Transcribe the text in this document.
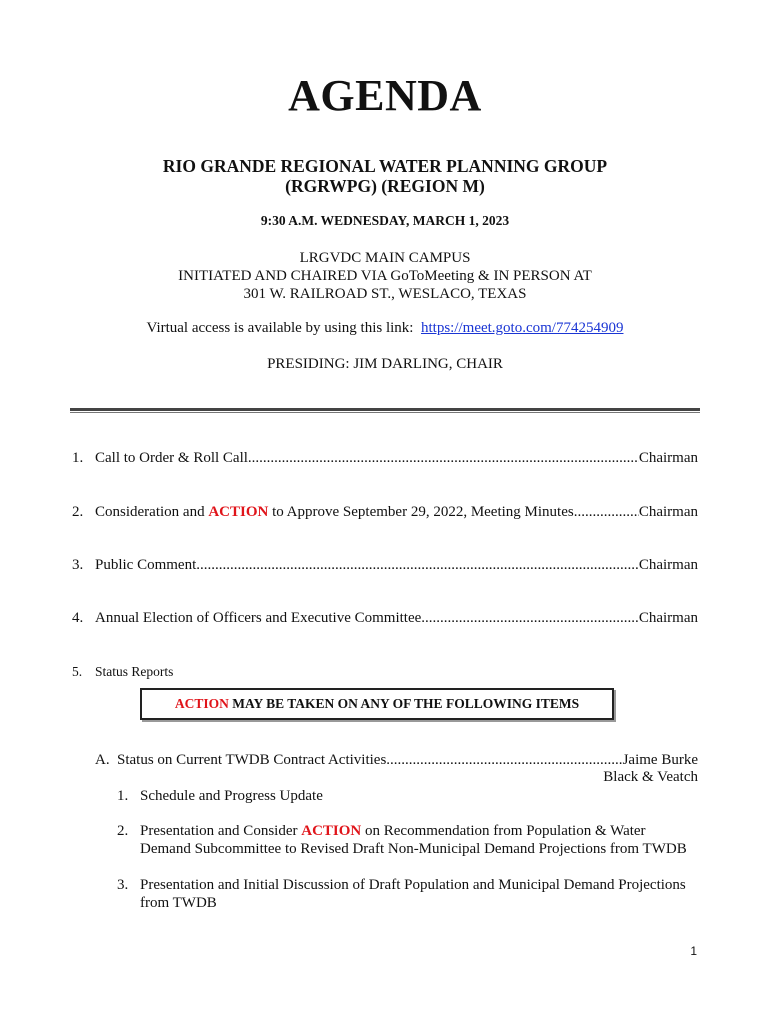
AGENDA
RIO GRANDE REGIONAL WATER PLANNING GROUP
(RGRWPG) (REGION M)
9:30 A.M. WEDNESDAY, MARCH 1, 2023
LRGVDC MAIN CAMPUS
INITIATED AND CHAIRED VIA GoToMeeting & IN PERSON AT
301 W. RAILROAD ST., WESLACO, TEXAS
Virtual access is available by using this link: https://meet.goto.com/774254909
PRESIDING: JIM DARLING, CHAIR
1. Call to Order & Roll Call .....	Chairman
2. Consideration and ACTION to Approve September 29, 2022, Meeting Minutes .....	Chairman
3. Public Comment .....	Chairman
4. Annual Election of Officers and Executive Committee .....	Chairman
5. Status Reports
ACTION MAY BE TAKEN ON ANY OF THE FOLLOWING ITEMS
A. Status on Current TWDB Contract Activities .....	Jaime Burke
Black & Veatch
1. Schedule and Progress Update
2. Presentation and Consider ACTION on Recommendation from Population & Water
Demand Subcommittee to Revised Draft Non-Municipal Demand Projections from TWDB
3. Presentation and Initial Discussion of Draft Population and Municipal Demand Projections
from TWDB
1
